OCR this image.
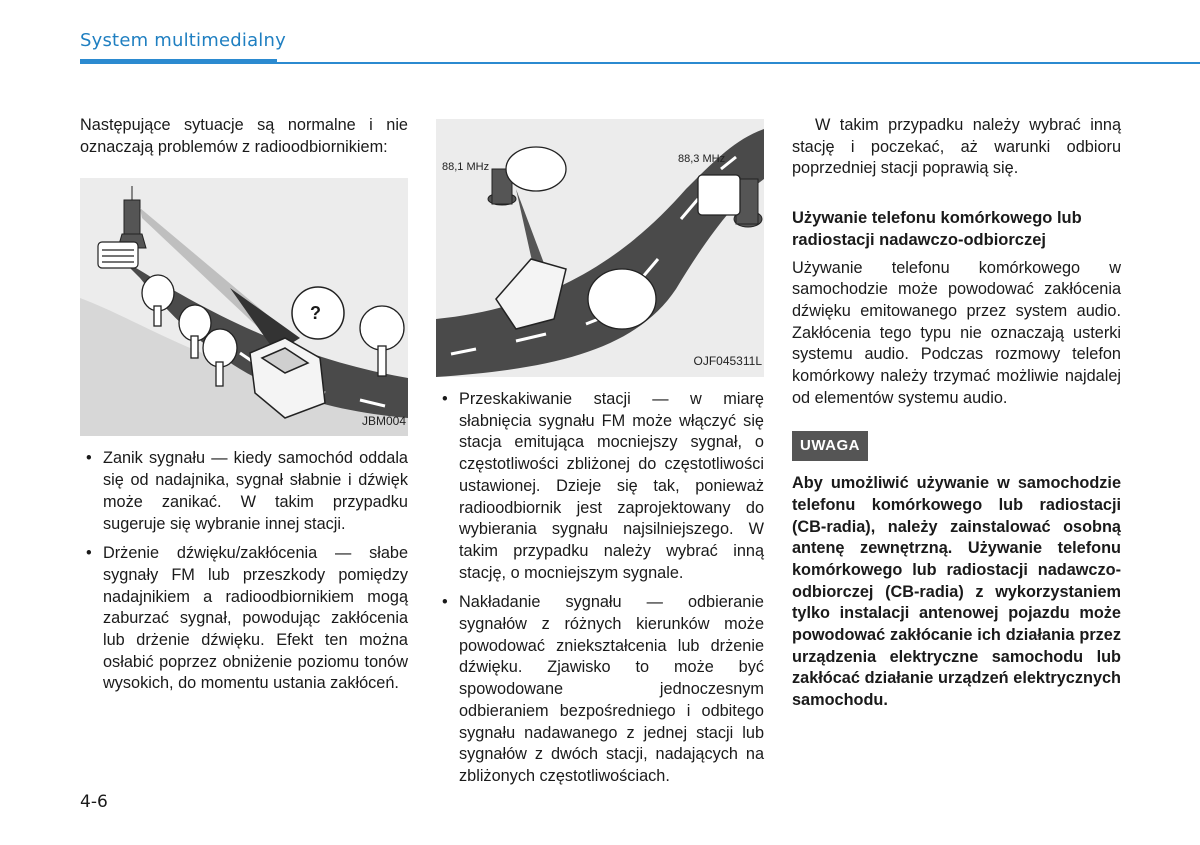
System multimedialny

Następujące sytuacje są normalne i nie oznaczają problemów z radioodbiornikiem:

?
JBM004
• Zanik sygnału — kiedy samochód oddala się od nadajnika, sygnał słabnie i dźwięk może zanikać. W takim przypadku sugeruje się wybranie innej stacji.
• Drżenie dźwięku/zakłócenia — słabe sygnały FM lub przeszkody pomiędzy nadajnikiem a radioodbiornikiem mogą zaburzać sygnał, powodując zakłócenia lub drżenie dźwięku. Efekt ten można osłabić poprzez obniżenie poziomu tonów wysokich, do momentu ustania zakłóceń.
88,1 MHz
88,3 MHz
OJF045311L
• Przeskakiwanie stacji — w miarę słabnięcia sygnału FM może włączyć się stacja emitująca mocniejszy sygnał, o częstotliwości zbliżonej do częstotliwości ustawionej. Dzieje się tak, ponieważ radioodbiornik jest zaprojektowany do wybierania sygnału najsilniejszego. W takim przypadku należy wybrać inną stację, o mocniejszym sygnale.
• Nakładanie sygnału — odbieranie sygnałów z różnych kierunków może powodować zniekształcenia lub drżenie dźwięku. Zjawisko to może być spowodowane jednoczesnym odbieraniem bezpośredniego i odbitego sygnału nadawanego z jednej stacji lub sygnałów z dwóch stacji, nadających na zbliżonych częstotliwościach.

W takim przypadku należy wybrać inną stację i poczekać, aż warunki odbioru poprzedniej stacji poprawią się.

Używanie telefonu komórkowego lub radiostacji nadawczo-odbiorczej

Używanie telefonu komórkowego w samochodzie może powodować zakłócenia dźwięku emitowanego przez system audio. Zakłócenia tego typu nie oznaczają usterki systemu audio. Podczas rozmowy telefon komórkowy należy trzymać możliwie najdalej od elementów systemu audio.

UWAGA

Aby umożliwić używanie w samochodzie telefonu komórkowego lub radiostacji (CB-radia), należy zainstalować osobną antenę zewnętrzną. Używanie telefonu komórkowego lub radiostacji nadawczo-odbiorczej (CB-radia) z wykorzystaniem tylko instalacji antenowej pojazdu może powodować zakłócanie ich działania przez urządzenia elektryczne samochodu lub zakłócać działanie urządzeń elektrycznych samochodu.

4-6
